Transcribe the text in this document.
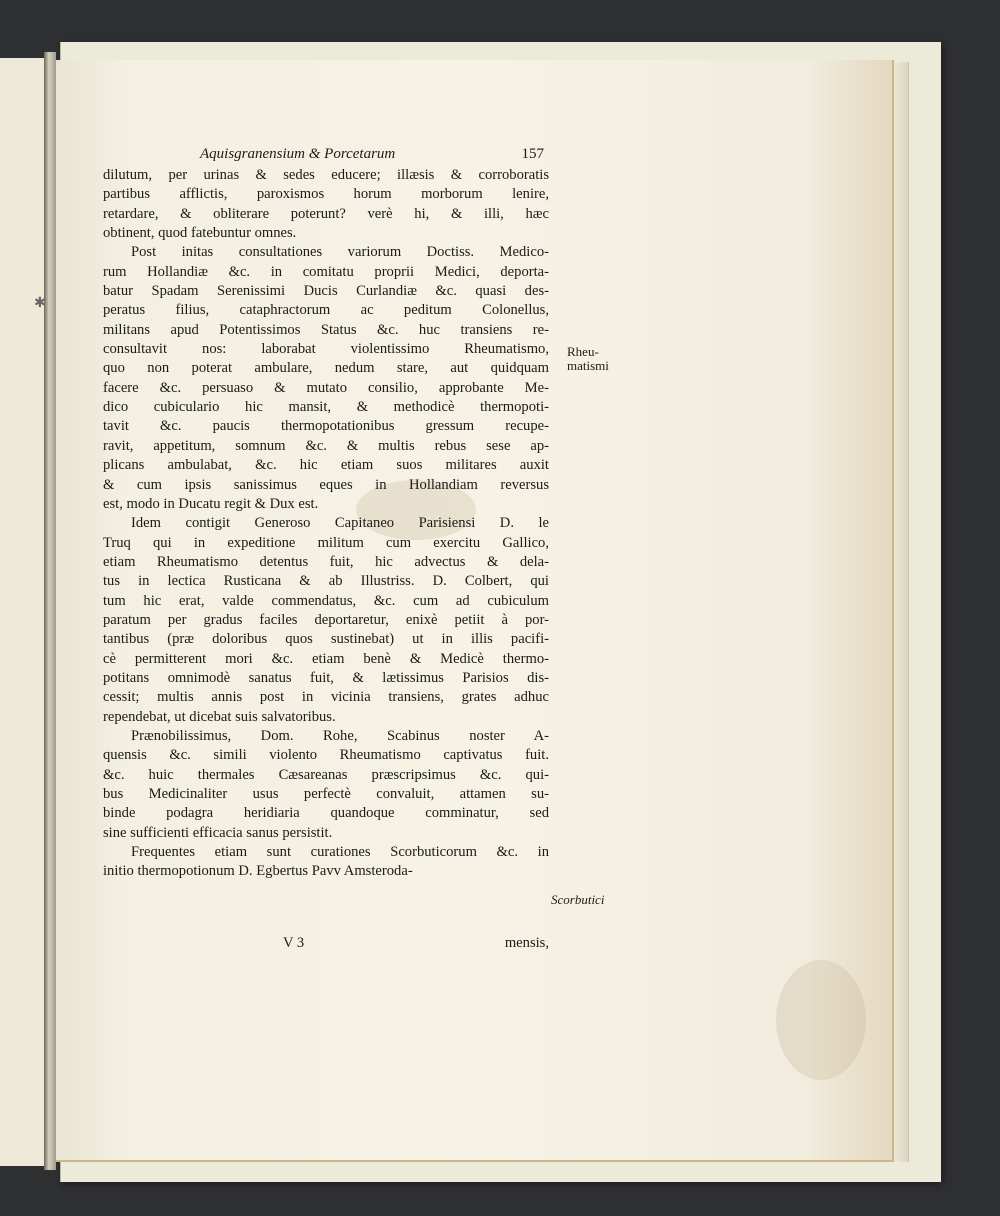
Aquisgranensium & Porcetarum	157
dilutum, per urinas & sedes educere; illæsis & corroboratis
partibus afflictis, paroxismos horum morborum lenire,
retardare, & obliterare poterunt? verè hi, & illi, hæc
obtinent, quod fatebuntur omnes.
Post initas consultationes variorum Doctiss. Medico-
rum Hollandiæ &c. in comitatu proprii Medici, deporta-
batur Spadam Serenissimi Ducis Curlandiæ &c. quasi des-
peratus filius, cataphractorum ac peditum Colonellus,
militans apud Potentissimos Status &c. huc transiens re-
consultavit nos: laborabat violentissimo Rheumatismo,
quo non poterat ambulare, nedum stare, aut quidquam
facere &c. persuaso & mutato consilio, approbante Me-
dico cubiculario hic mansit, & methodicè thermopoti-
tavit &c. paucis thermopotationibus gressum recupe-
ravit, appetitum, somnum &c. & multis rebus sese ap-
plicans ambulabat, &c. hic etiam suos militares auxit
& cum ipsis sanissimus eques in Hollandiam reversus
est, modo in Ducatu regit & Dux est.
Idem contigit Generoso Capitaneo Parisiensi D. le
Truq qui in expeditione militum cum exercitu Gallico,
etiam Rheumatismo detentus fuit, hic advectus & dela-
tus in lectica Rusticana & ab Illustriss. D. Colbert, qui
tum hic erat, valde commendatus, &c. cum ad cubiculum
paratum per gradus faciles deportaretur, enixè petiit à por-
tantibus (præ doloribus quos sustinebat) ut in illis pacifi-
cè permitterent mori &c. etiam benè & Medicè thermo-
potitans omnimodè sanatus fuit, & lætissimus Parisios dis-
cessit; multis annis post in vicinia transiens, grates adhuc
rependebat, ut dicebat suis salvatoribus.
Prænobilissimus, Dom. Rohe, Scabinus noster A-
quensis &c. simili violento Rheumatismo captivatus fuit.
&c. huic thermales Cæsareanas præscripsimus &c. qui-
bus Medicinaliter usus perfectè convaluit, attamen su-
binde podagra heridiaria quandoque comminatur, sed
sine sufficienti efficacia sanus persistit.
Frequentes etiam sunt curationes Scorbuticorum &c. in
initio thermopotionum D. Egbertus Pavv Amsteroda-
Rheu-
matismi
Scorbutici
V 3	mensis,
